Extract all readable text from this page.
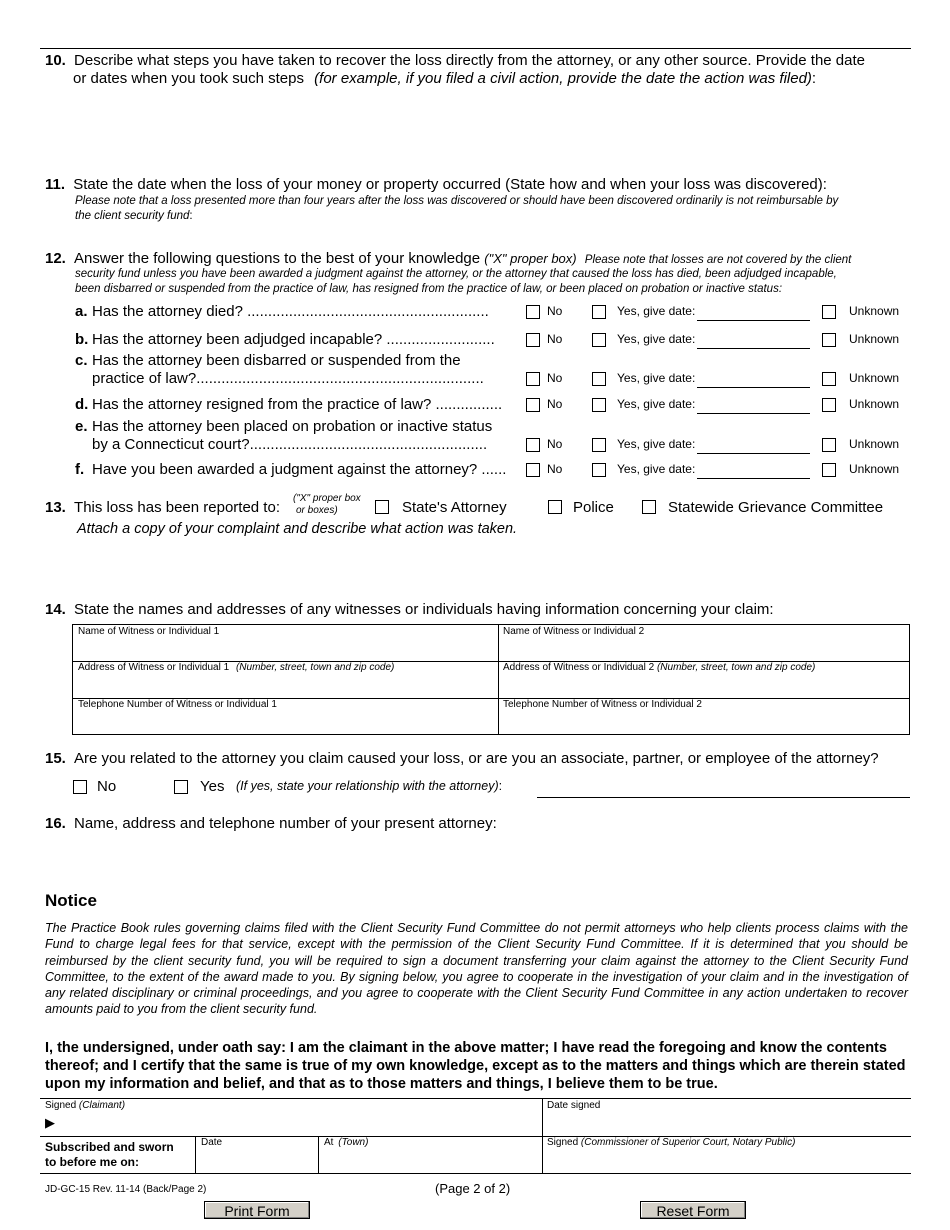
10. Describe what steps you have taken to recover the loss directly from the attorney, or any other source. Provide the date
or dates when you took such steps (for example, if you filed a civil action, provide the date the action was filed):
11. State the date when the loss of your money or property occurred (State how and when your loss was discovered):
Please note that a loss presented more than four years after the loss was discovered or should have been discovered ordinarily is not reimbursable by
the client security fund:
12. Answer the following questions to the best of your knowledge ("X" proper box) Please note that losses are not covered by the client
security fund unless you have been awarded a judgment against the attorney, or the attorney that caused the loss has died, been adjudged incapable,
been disbarred or suspended from the practice of law, has resigned from the practice of law, or been placed on probation or inactive status:
a. Has the attorney died? ..........................................................	No	Yes, give date:	Unknown
b. Has the attorney been adjudged incapable? ..........................	No	Yes, give date:	Unknown
c. Has the attorney been disbarred or suspended from the
practice of law?.....................................................................	No	Yes, give date:	Unknown
d. Has the attorney resigned from the practice of law? ................	No	Yes, give date:	Unknown
e. Has the attorney been placed on probation or inactive status
by a Connecticut court?.........................................................	No	Yes, give date:	Unknown
f. Have you been awarded a judgment against the attorney? ......	No	Yes, give date:	Unknown
13. This loss has been reported to:
("X" proper box
or boxes)	State's Attorney	Police	Statewide Grievance Committee
Attach a copy of your complaint and describe what action was taken.
14. State the names and addresses of any witnesses or individuals having information concerning your claim:
Name of Witness or Individual 1	Name of Witness or Individual 2
Address of Witness or Individual 1 (Number, street, town and zip code)	Address of Witness or Individual 2 (Number, street, town and zip code)
Telephone Number of Witness or Individual 1	Telephone Number of Witness or Individual 2
15. Are you related to the attorney you claim caused your loss, or are you an associate, partner, or employee of the attorney?
No	Yes (If yes, state your relationship with the attorney):
16. Name, address and telephone number of your present attorney:
Notice
The Practice Book rules governing claims filed with the Client Security Fund Committee do not permit attorneys who help clients process claims with the Fund to charge legal fees for that service, except with the permission of the Client Security Fund Committee. If it is determined that you should be reimbursed by the client security fund, you will be required to sign a document transferring your claim against the attorney to the Client Security Fund Committee, to the extent of the award made to you. By signing below, you agree to cooperate in the investigation of your claim and in the investigation of any related disciplinary or criminal proceedings, and you agree to cooperate with the Client Security Fund Committee in any action undertaken to recover amounts paid to you from the client security fund.
I, the undersigned, under oath say: I am the claimant in the above matter; I have read the foregoing and know the contents thereof; and I certify that the same is true of my own knowledge, except as to the matters and things which are therein stated upon my information and belief, and that as to those matters and things, I believe them to be true.
Signed (Claimant)
▶
Date signed
Subscribed and sworn
to before me on:
Date	At (Town)	Signed (Commissioner of Superior Court, Notary Public)
JD-GC-15 Rev. 11-14 (Back/Page 2)	(Page 2 of 2)
Print Form	Reset Form
